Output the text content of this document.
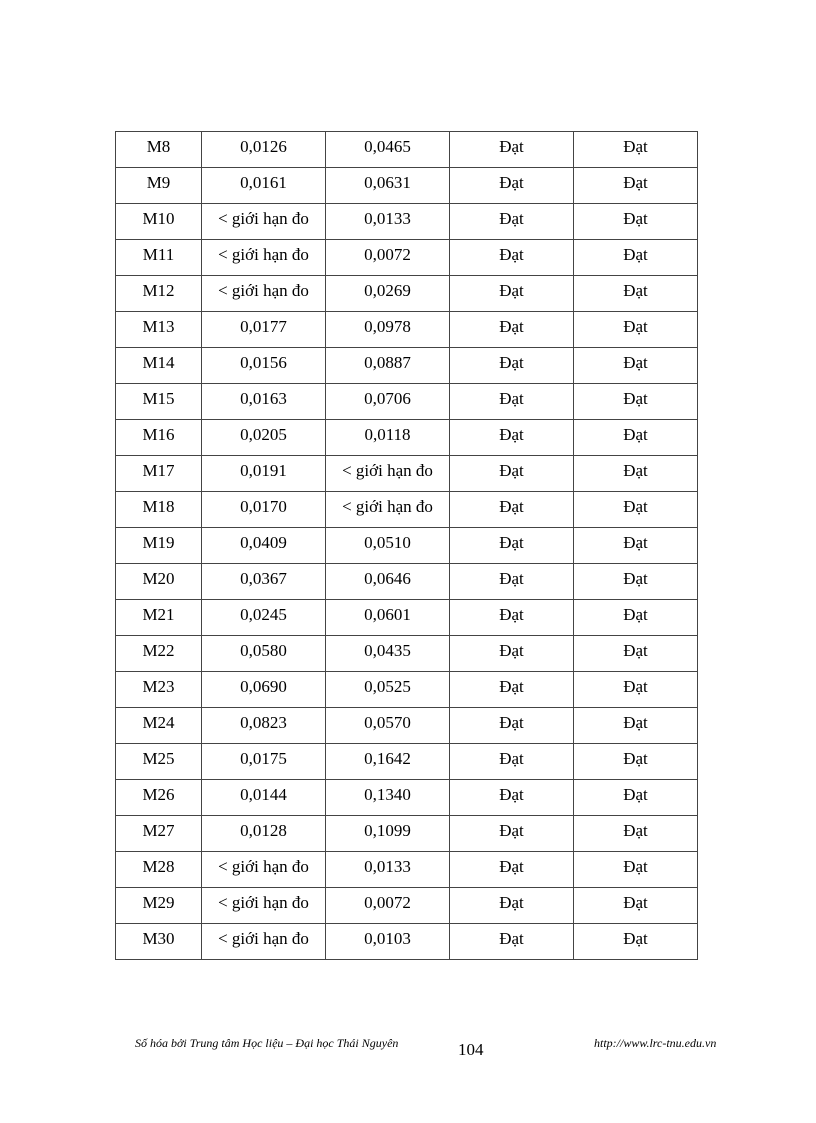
M8	0,0126	0,0465	Đạt	Đạt
M9	0,0161	0,0631	Đạt	Đạt
M10	< giới hạn đo	0,0133	Đạt	Đạt
M11	< giới hạn đo	0,0072	Đạt	Đạt
M12	< giới hạn đo	0,0269	Đạt	Đạt
M13	0,0177	0,0978	Đạt	Đạt
M14	0,0156	0,0887	Đạt	Đạt
M15	0,0163	0,0706	Đạt	Đạt
M16	0,0205	0,0118	Đạt	Đạt
M17	0,0191	< giới hạn đo	Đạt	Đạt
M18	0,0170	< giới hạn đo	Đạt	Đạt
M19	0,0409	0,0510	Đạt	Đạt
M20	0,0367	0,0646	Đạt	Đạt
M21	0,0245	0,0601	Đạt	Đạt
M22	0,0580	0,0435	Đạt	Đạt
M23	0,0690	0,0525	Đạt	Đạt
M24	0,0823	0,0570	Đạt	Đạt
M25	0,0175	0,1642	Đạt	Đạt
M26	0,0144	0,1340	Đạt	Đạt
M27	0,0128	0,1099	Đạt	Đạt
M28	< giới hạn đo	0,0133	Đạt	Đạt
M29	< giới hạn đo	0,0072	Đạt	Đạt
M30	< giới hạn đo	0,0103	Đạt	Đạt
Số hóa bởi Trung tâm Học liệu – Đại học Thái Nguyên	104	http://www.lrc-tnu.edu.vn
